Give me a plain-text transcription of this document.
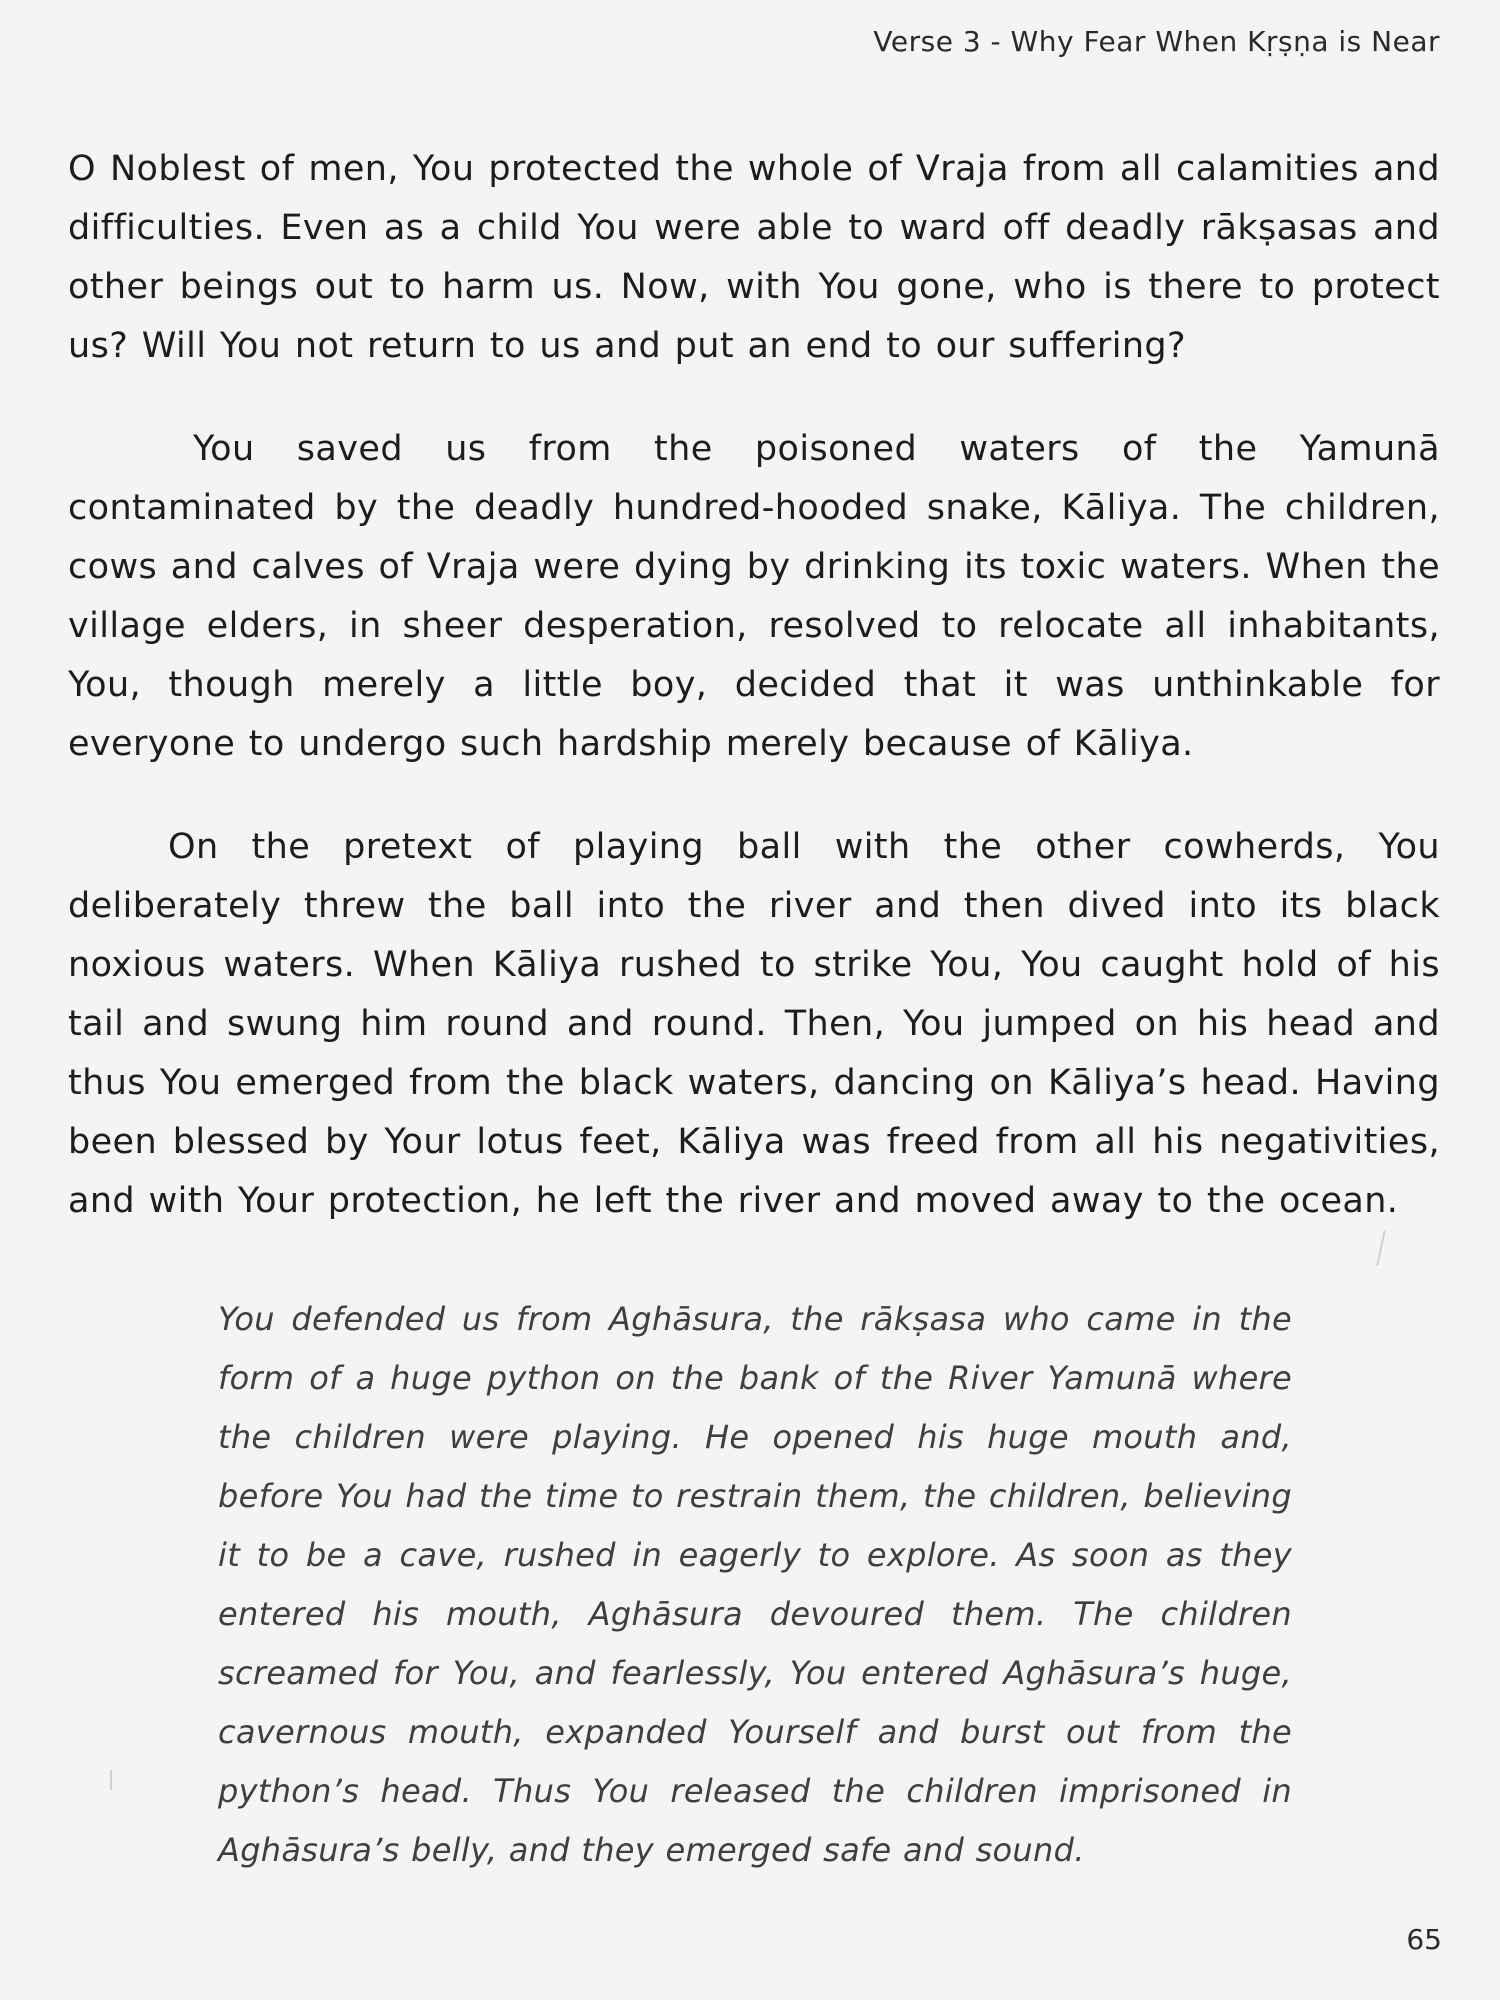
Verse 3 - Why Fear When Kṛṣṇa is Near

O Noblest of men, You protected the whole of Vraja from all calamities and difficulties. Even as a child You were able to ward off deadly rākṣasas and other beings out to harm us. Now, with You gone, who is there to protect us? Will You not return to us and put an end to our suffering?

You saved us from the poisoned waters of the Yamunā contaminated by the deadly hundred-hooded snake, Kāliya. The children, cows and calves of Vraja were dying by drinking its toxic waters. When the village elders, in sheer desperation, resolved to relocate all inhabitants, You, though merely a little boy, decided that it was unthinkable for everyone to undergo such hardship merely because of Kāliya.

On the pretext of playing ball with the other cowherds, You deliberately threw the ball into the river and then dived into its black noxious waters. When Kāliya rushed to strike You, You caught hold of his tail and swung him round and round. Then, You jumped on his head and thus You emerged from the black waters, dancing on Kāliya’s head. Having been blessed by Your lotus feet, Kāliya was freed from all his negativities, and with Your protection, he left the river and moved away to the ocean.

You defended us from Aghāsura, the rākṣasa who came in the form of a huge python on the bank of the River Yamunā where the children were playing. He opened his huge mouth and, before You had the time to restrain them, the children, believing it to be a cave, rushed in eagerly to explore. As soon as they entered his mouth, Aghāsura devoured them. The children screamed for You, and fearlessly, You entered Aghāsura’s huge, cavernous mouth, expanded Yourself and burst out from the python’s head. Thus You released the children imprisoned in Aghāsura’s belly, and they emerged safe and sound.
65
